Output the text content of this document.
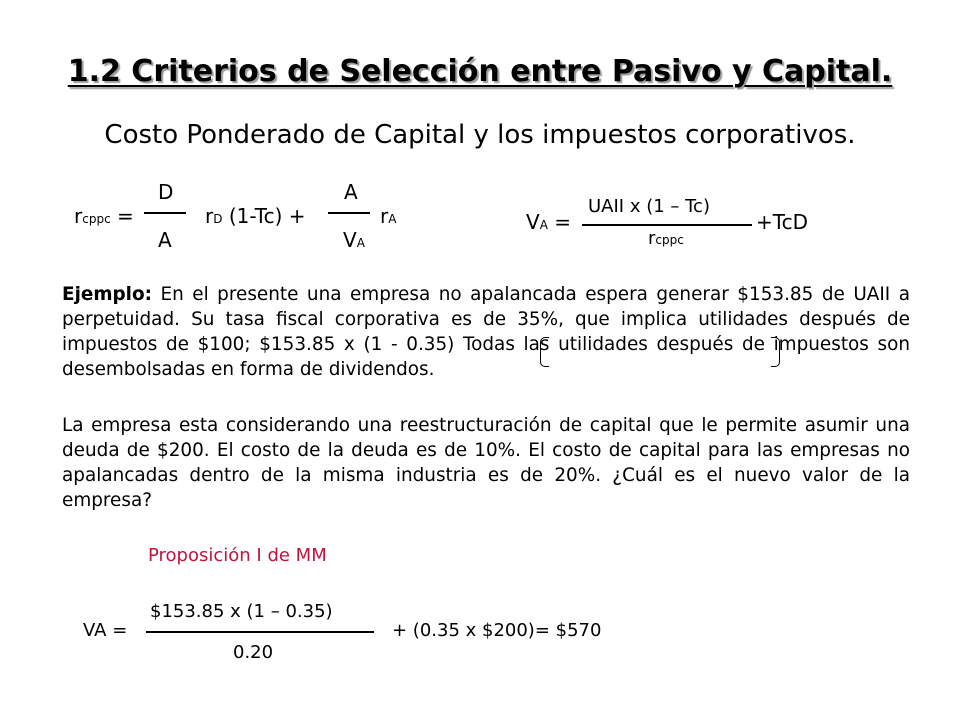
1.2 Criterios de Selección entre Pasivo y Capital.
Costo Ponderado de Capital y los impuestos corporativos.
rcppc =
D
A
rD (1-Tc) +
A
VA
rA	VA =
UAII x (1 – Tc)
rcppc
+TcD
Ejemplo: En el presente una empresa no apalancada espera generar $153.85 de UAII a perpetuidad. Su tasa fiscal corporativa es de 35%, que implica utilidades después de impuestos de $100; $153.85 x (1 - 0.35) Todas las utilidades después de impuestos son desembolsadas en forma de dividendos.
La empresa esta considerando una reestructuración de capital que le permite asumir una deuda de $200. El costo de la deuda es de 10%. El costo de capital para las empresas no apalancadas dentro de la misma industria es de 20%. ¿Cuál es el nuevo valor de la empresa?
Proposición I de MM
VA =
$153.85 x (1 – 0.35)
0.20
+ (0.35 x $200)= $570
